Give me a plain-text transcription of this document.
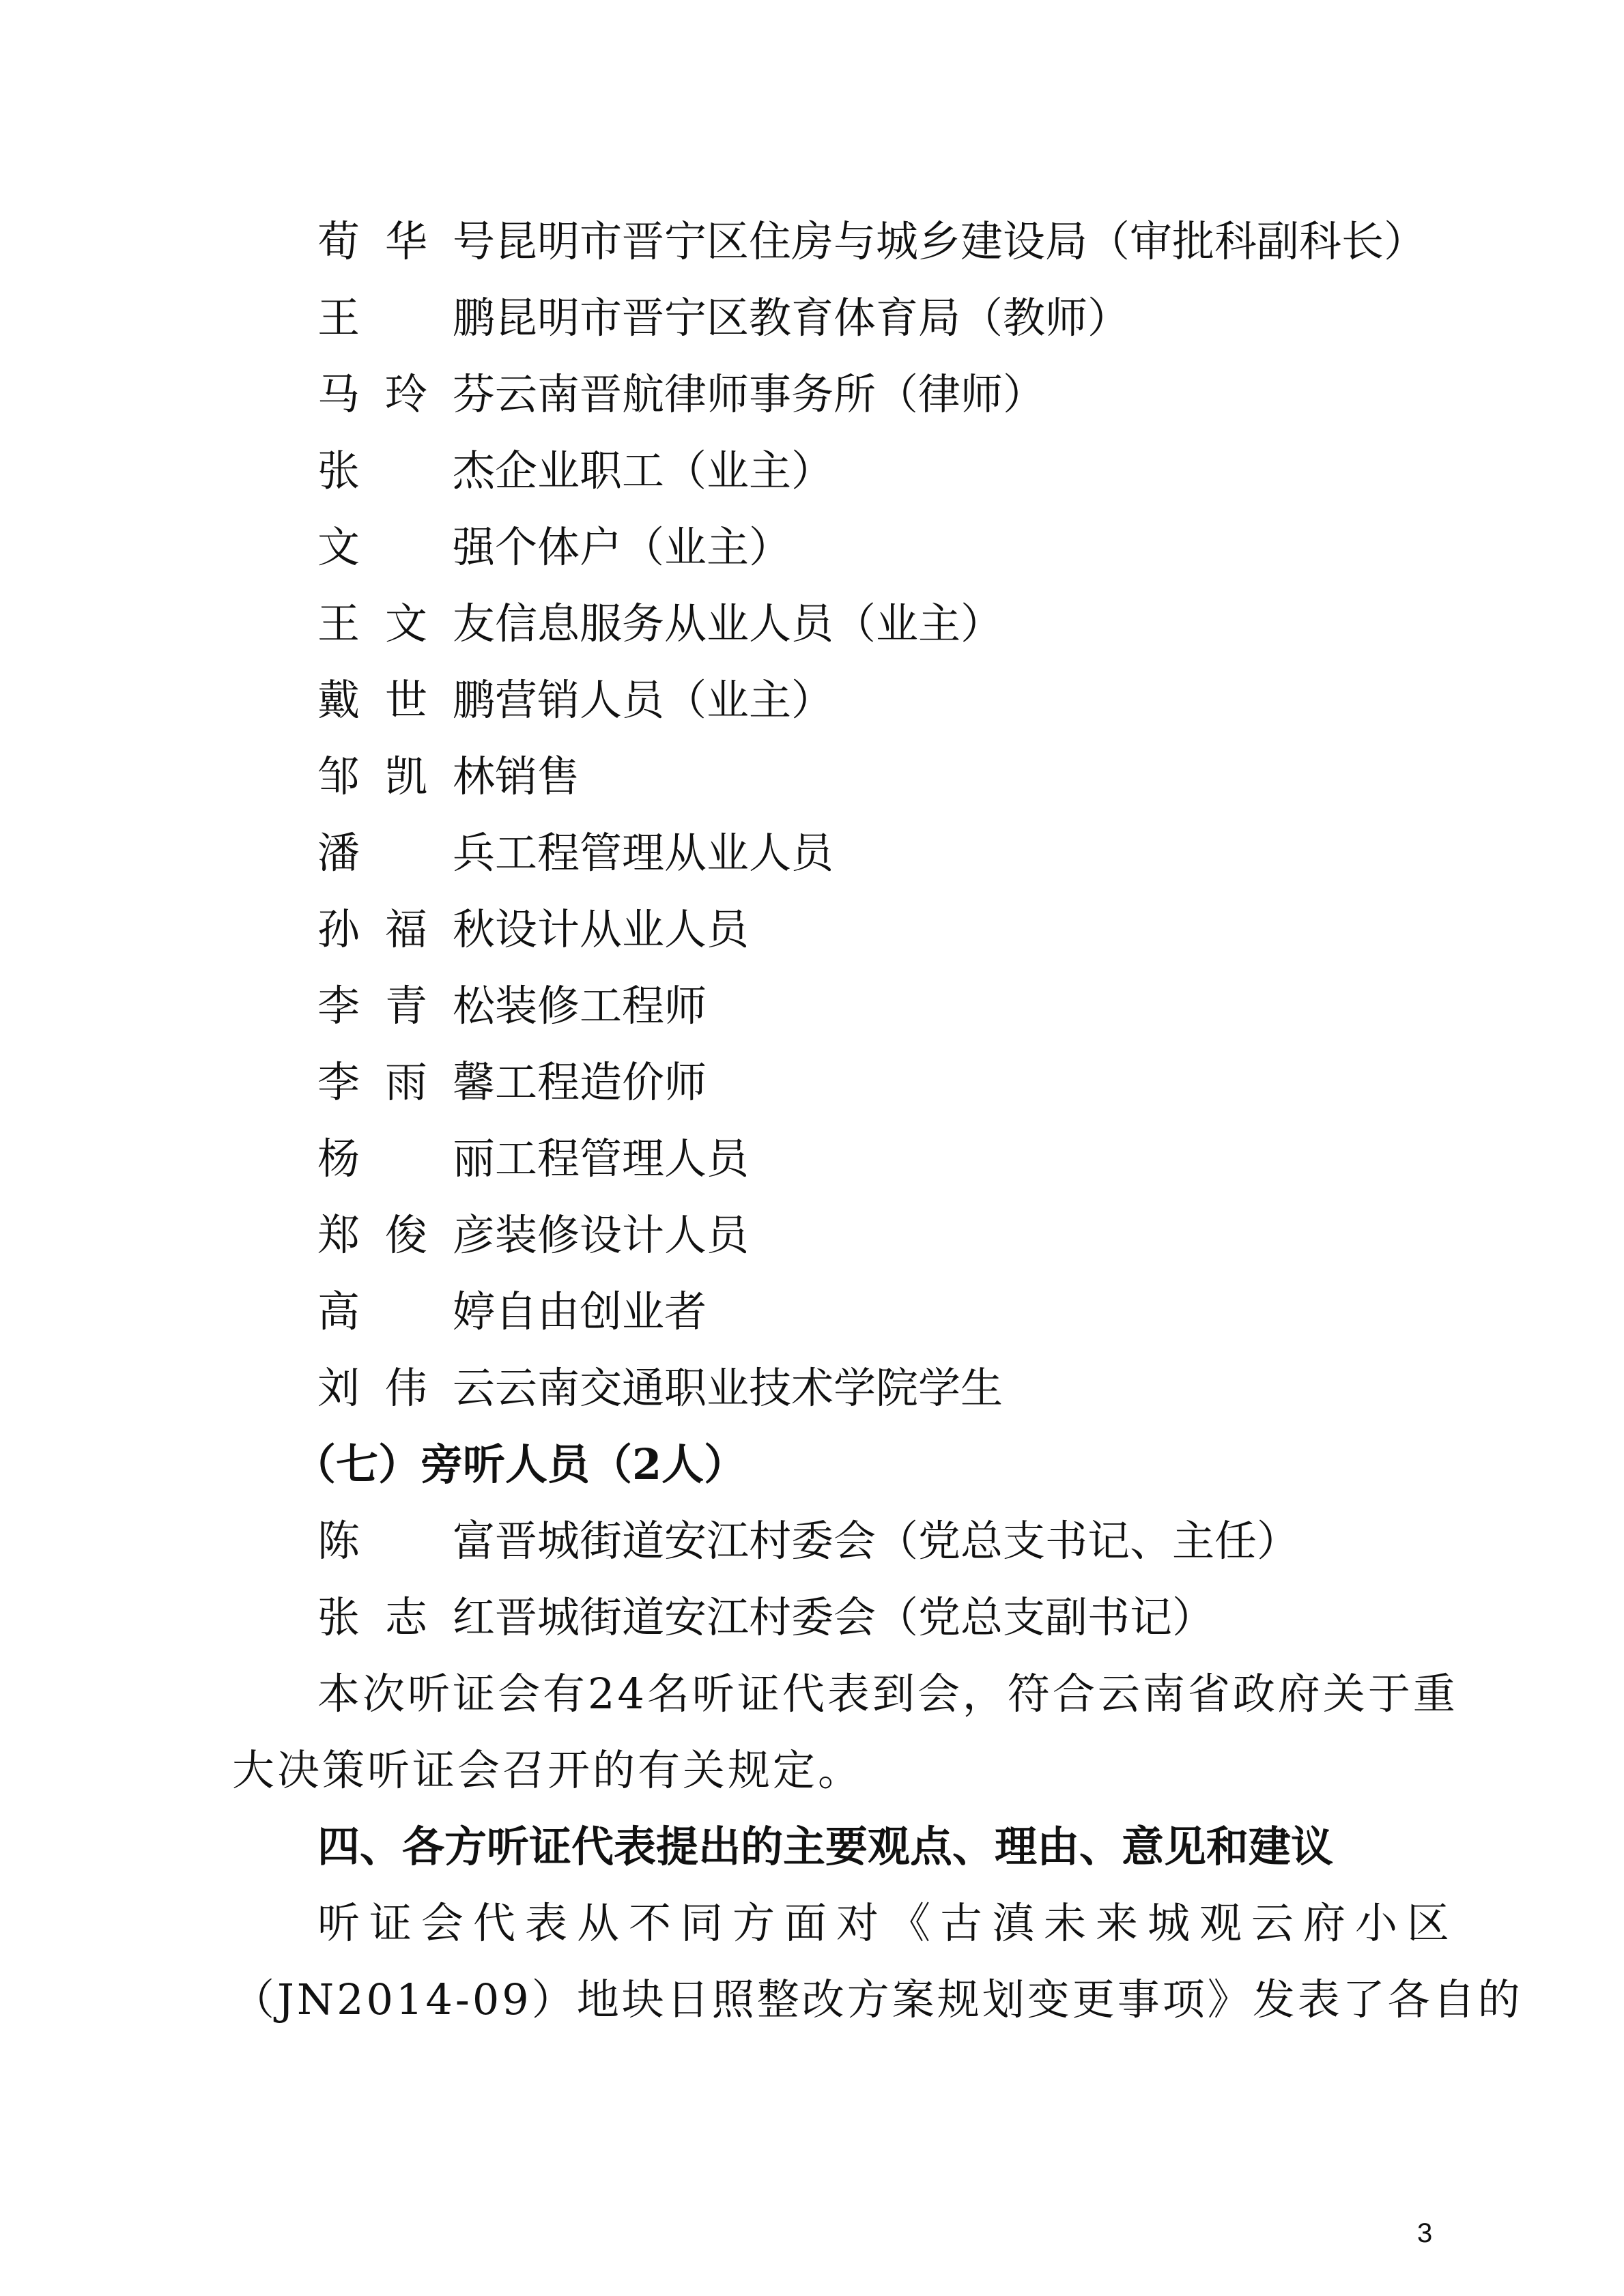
荀华号昆明市晋宁区住房与城乡建设局（审批科副科长）
王鹏昆明市晋宁区教育体育局（教师）
马玲芬云南晋航律师事务所（律师）
张杰企业职工（业主）
文强个体户（业主）
王文友信息服务从业人员（业主）
戴世鹏营销人员（业主）
邹凯林销售
潘兵工程管理从业人员
孙福秋设计从业人员
李青松装修工程师
李雨馨工程造价师
杨丽工程管理人员
郑俊彦装修设计人员
高婷自由创业者
刘伟云云南交通职业技术学院学生
（七）旁听人员（2人）
陈富晋城街道安江村委会（党总支书记、主任）
张志红晋城街道安江村委会（党总支副书记）
本次听证会有24名听证代表到会，符合云南省政府关于重
大决策听证会召开的有关规定。
四、各方听证代表提出的主要观点、理由、意见和建议
听证会代表从不同方面对《古滇未来城观云府小区
（JN2014-09）地块日照整改方案规划变更事项》发表了各自的
3
